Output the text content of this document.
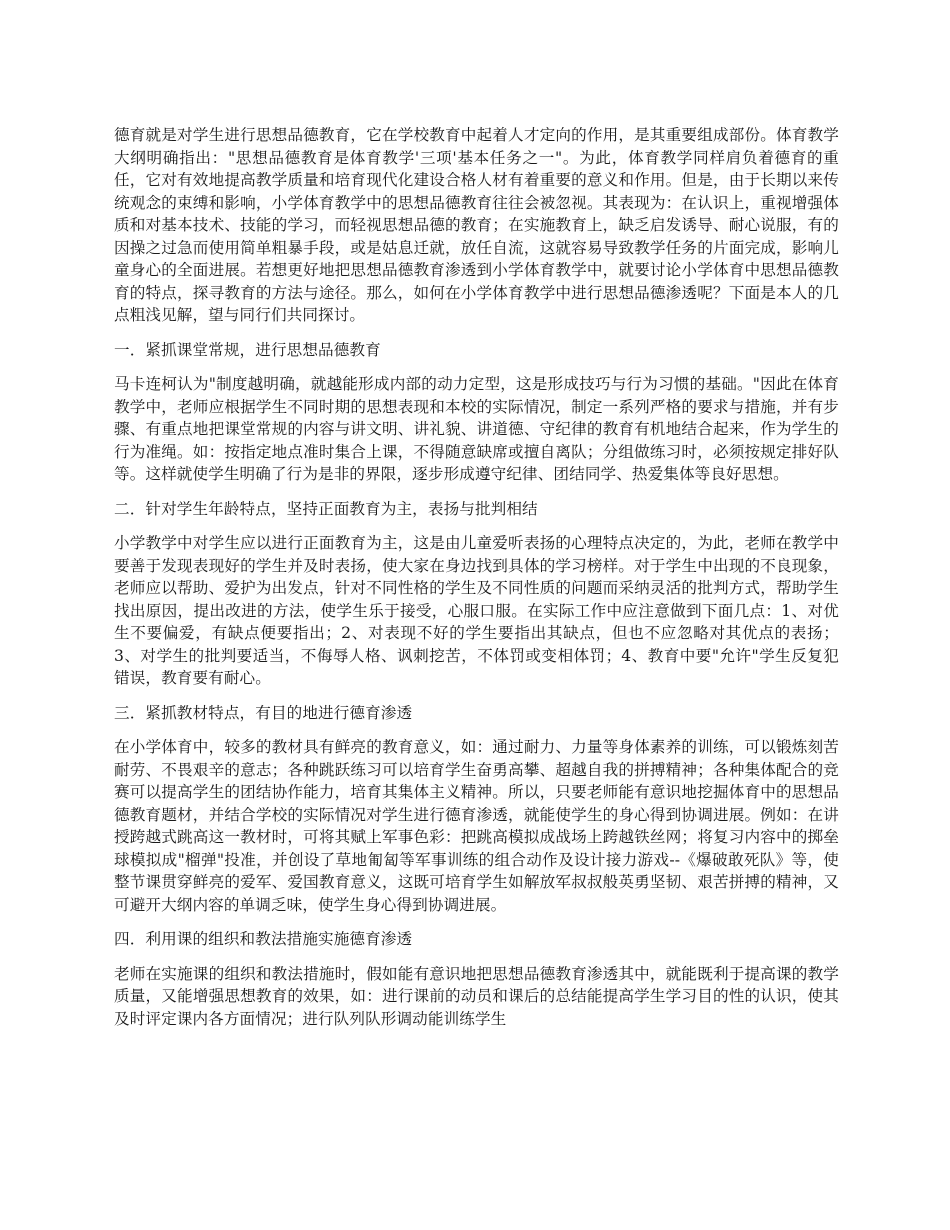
德育就是对学生进行思想品德教育，它在学校教育中起着人才定向的作用，是其重要组成部份。体育教学大纲明确指出："思想品德教育是体育教学'三项'基本任务之一"。为此，体育教学同样肩负着德育的重任，它对有效地提高教学质量和培育现代化建设合格人材有着重要的意义和作用。但是，由于长期以来传统观念的束缚和影响，小学体育教学中的思想品德教育往往会被忽视。其表现为：在认识上，重视增强体质和对基本技术、技能的学习，而轻视思想品德的教育；在实施教育上，缺乏启发诱导、耐心说服，有的因操之过急而使用简单粗暴手段，或是姑息迁就，放任自流，这就容易导致教学任务的片面完成，影响儿童身心的全面进展。若想更好地把思想品德教育渗透到小学体育教学中，就要讨论小学体育中思想品德教育的特点，探寻教育的方法与途径。那么，如何在小学体育教学中进行思想品德渗透呢？下面是本人的几点粗浅见解，望与同行们共同探讨。

一．紧抓课堂常规，进行思想品德教育

马卡连柯认为"制度越明确，就越能形成内部的动力定型，这是形成技巧与行为习惯的基础。"因此在体育教学中，老师应根据学生不同时期的思想表现和本校的实际情况，制定一系列严格的要求与措施，并有步骤、有重点地把课堂常规的内容与讲文明、讲礼貌、讲道德、守纪律的教育有机地结合起来，作为学生的行为准绳。如：按指定地点准时集合上课，不得随意缺席或擅自离队；分组做练习时，必须按规定排好队等。这样就使学生明确了行为是非的界限，逐步形成遵守纪律、团结同学、热爱集体等良好思想。

二．针对学生年龄特点，坚持正面教育为主，表扬与批判相结

小学教学中对学生应以进行正面教育为主，这是由儿童爱听表扬的心理特点决定的，为此，老师在教学中要善于发现表现好的学生并及时表扬，使大家在身边找到具体的学习榜样。对于学生中出现的不良现象，老师应以帮助、爱护为出发点，针对不同性格的学生及不同性质的问题而采纳灵活的批判方式，帮助学生找出原因，提出改进的方法，使学生乐于接受，心服口服。在实际工作中应注意做到下面几点：1、对优生不要偏爱，有缺点便要指出；2、对表现不好的学生要指出其缺点，但也不应忽略对其优点的表扬；3、对学生的批判要适当，不侮辱人格、讽刺挖苦，不体罚或变相体罚；4、教育中要"允许"学生反复犯错误，教育要有耐心。

三．紧抓教材特点，有目的地进行德育渗透

在小学体育中，较多的教材具有鲜亮的教育意义，如：通过耐力、力量等身体素养的训练，可以锻炼刻苦耐劳、不畏艰辛的意志；各种跳跃练习可以培育学生奋勇高攀、超越自我的拼搏精神；各种集体配合的竞赛可以提高学生的团结协作能力，培育其集体主义精神。所以，只要老师能有意识地挖掘体育中的思想品德教育题材，并结合学校的实际情况对学生进行德育渗透，就能使学生的身心得到协调进展。例如：在讲授跨越式跳高这一教材时，可将其赋上军事色彩：把跳高模拟成战场上跨越铁丝网；将复习内容中的掷垒球模拟成"榴弹"投准，并创设了草地匍匐等军事训练的组合动作及设计接力游戏--《爆破敢死队》等，使整节课贯穿鲜亮的爱军、爱国教育意义，这既可培育学生如解放军叔叔般英勇坚韧、艰苦拼搏的精神，又可避开大纲内容的单调乏味，使学生身心得到协调进展。

四．利用课的组织和教法措施实施德育渗透

老师在实施课的组织和教法措施时，假如能有意识地把思想品德教育渗透其中，就能既利于提高课的教学质量，又能增强思想教育的效果，如：进行课前的动员和课后的总结能提高学生学习目的性的认识，使其及时评定课内各方面情况；进行队列队形调动能训练学生
